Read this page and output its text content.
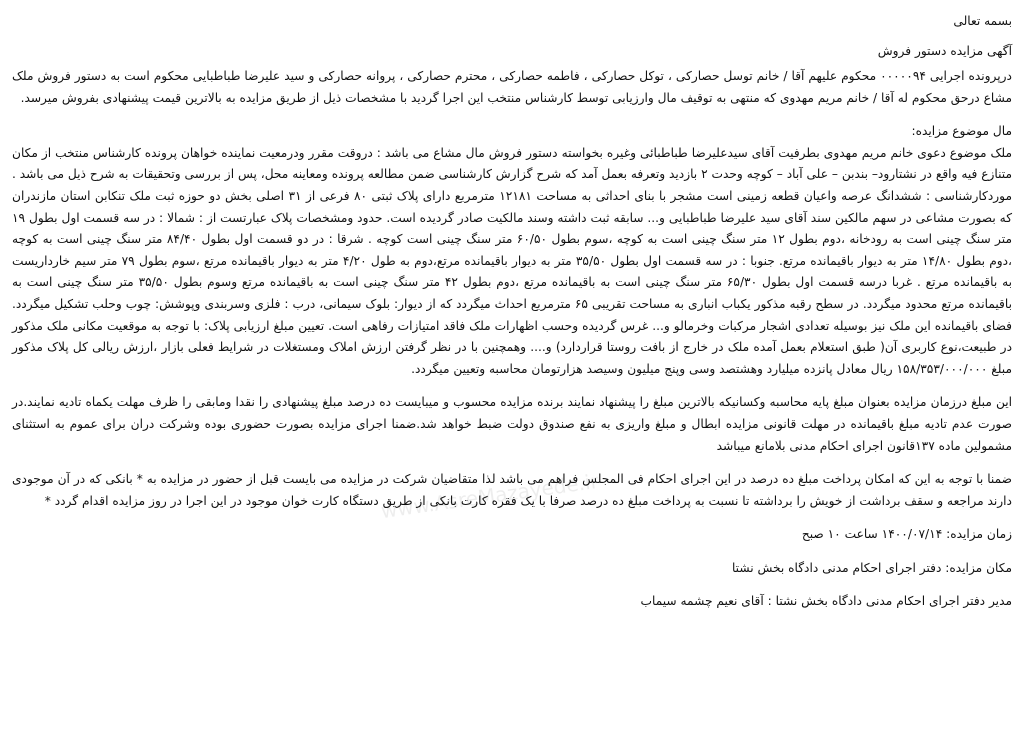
بسمه تعالی

آگهی مزایده دستور فروش

درپرونده اجرایی ۰۰۰۰۰۹۴ محکوم علیهم آقا / خانم توسل حصارکی ، توکل حصارکی ، فاطمه حصارکی ، محترم حصارکی ، پروانه حصارکی و سید علیرضا طباطبایی محکوم است به دستور فروش ملک مشاع درحق محکوم له آقا / خانم مریم مهدوی که منتهی به توقیف مال وارزیابی توسط کارشناس منتخب این اجرا گردید با مشخصات ذیل از طریق مزایده به بالاترین قیمت پیشنهادی بفروش میرسد.

مال موضوع مزایده:

ملک موضوع دعوی خانم مریم مهدوی بطرفیت آقای سیدعلیرضا طباطبائی وغیره بخواسته دستور فروش مال مشاع می باشد : دروقت مقرر ودرمعیت نماینده خواهان پرونده کارشناس منتخب از مکان متنازع فیه واقع در نشتارود– بندبن – علی آباد – کوچه وحدت ۲ بازدید وتعرفه بعمل آمد که شرح گزارش کارشناسی ضمن مطالعه پرونده ومعاینه محل، پس از بررسی وتحقیقات به شرح ذیل می باشد . موردکارشناسی : ششدانگ عرصه واعیان قطعه زمینی است مشجر با بنای احداثی به مساحت ۱۲۱۸۱ مترمربع دارای پلاک ثبتی ۸۰ فرعی از ۳۱ اصلی بخش دو حوزه ثبت ملک تنکابن استان مازندران که بصورت مشاعی در سهم مالکین سند آقای سید علیرضا طباطبایی و... سابقه ثبت داشته وسند مالکیت صادر گردیده است. حدود ومشخصات پلاک عبارتست از : شمالا : در سه قسمت اول بطول ۱۹ متر سنگ چینی است به رودخانه ،دوم بطول ۱۲ متر سنگ چینی است به کوچه ،سوم بطول ۶۰/۵۰ متر سنگ چینی است کوچه . شرقا : در دو قسمت اول بطول ۸۴/۴۰ متر سنگ چینی است به کوچه ،دوم بطول ۱۴/۸۰ متر به دیوار باقیمانده مرتع. جنوبا : در سه قسمت اول بطول ۳۵/۵۰ متر به دیوار باقیمانده مرتع،دوم به طول ۴/۲۰ متر به دیوار باقیمانده مرتع ،سوم بطول ۷۹ متر سیم خارداریست به باقیمانده مرتع . غربا درسه قسمت اول بطول ۶۵/۳۰ متر سنگ چینی است به باقیمانده مرتع ،دوم بطول ۴۲ متر سنگ چینی است به باقیمانده مرتع وسوم بطول ۳۵/۵۰ متر سنگ چینی است به باقیمانده مرتع محدود میگردد. در سطح رقبه مذکور یکباب انباری به مساحت تقریبی ۶۵ مترمربع احداث میگردد که از دیوار: بلوک سیمانی، درب : فلزی وسربندی وپوشش: چوب وحلب تشکیل میگردد. فضای باقیمانده این ملک نیز بوسیله تعدادی اشجار مرکبات وخرمالو و... غرس گردیده وحسب اظهارات ملک فاقد امتیازات رفاهی است. تعیین مبلغ ارزیابی پلاک: با توجه به موقعیت مکانی ملک مذکور در طبیعت،نوع کاربری آن( طبق استعلام بعمل آمده ملک در خارج از بافت روستا قراردارد) و.... وهمچنین با در نظر گرفتن ارزش املاک ومستغلات در شرایط فعلی بازار ،ارزش ریالی کل پلاک مذکور مبلغ ۱۵۸/۳۵۳/۰۰۰/۰۰۰ ریال معادل پانزده میلیارد وهشتصد وسی وپنج میلیون وسیصد هزارتومان محاسبه وتعیین میگردد.

این مبلغ درزمان مزایده بعنوان مبلغ پایه محاسبه وکسانیکه بالاترین مبلغ را پیشنهاد نمایند برنده مزایده محسوب و میبایست ده درصد مبلغ پیشنهادی را نقدا ومابقی را ظرف مهلت یکماه تادیه نمایند.در صورت عدم تادیه مبلغ باقیمانده در مهلت قانونی مزایده ابطال و مبلغ واریزی به نفع صندوق دولت ضبط خواهد شد.ضمنا اجرای مزایده بصورت حضوری بوده وشرکت دران برای عموم به استثنای مشمولین ماده ۱۳۷قانون اجرای احکام مدنی بلامانع میباشد

ضمنا با توجه به این که امکان پرداخت مبلغ ده درصد در این اجرای احکام فی المجلس فراهم می باشد لذا متقاضیان شرکت در مزایده می بایست قبل از حضور در مزایده به * بانکی که در آن موجودی دارند مراجعه و سقف برداشت از خویش را برداشته تا نسبت به پرداخت مبلغ ده درصد صرفا با یک فقره کارت بانکی از طریق دستگاه کارت خوان موجود در این اجرا در روز مزایده اقدام گردد *

زمان مزایده: ۱۴۰۰/۰۷/۱۴ ساعت ۱۰ صبح

مکان مزایده: دفتر اجرای احکام مدنی دادگاه بخش نشتا

مدیر دفتر اجرای احکام مدنی دادگاه بخش نشتا : آقای نعیم چشمه سیماب

www.AsreMazayede.ir
